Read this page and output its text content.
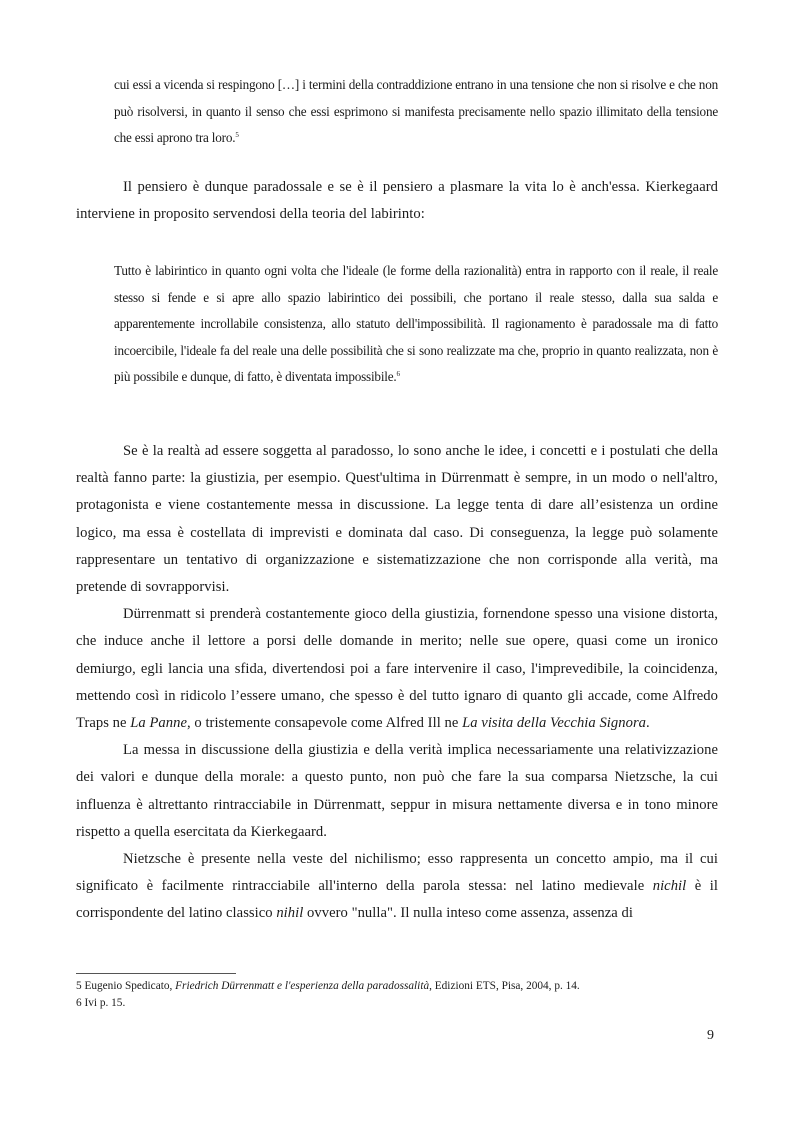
cui essi a vicenda si respingono […] i termini della contraddizione entrano in una tensione che non si risolve e che non può risolversi, in quanto il senso che essi esprimono si manifesta precisamente nello spazio illimitato della tensione che essi aprono tra loro.$^5$

Il pensiero è dunque paradossale e se è il pensiero a plasmare la vita lo è anch'essa. Kierkegaard interviene in proposito servendosi della teoria del labirinto:

Tutto è labirintico in quanto ogni volta che l'ideale (le forme della razionalità) entra in rapporto con il reale, il reale stesso si fende e si apre allo spazio labirintico dei possibili, che portano il reale stesso, dalla sua salda e apparentemente incrollabile consistenza, allo statuto dell'impossibilità. Il ragionamento è paradossale ma di fatto incoercibile, l'ideale fa del reale una delle possibilità che si sono realizzate ma che, proprio in quanto realizzata, non è più possibile e dunque, di fatto, è diventata impossibile.$^6$

Se è la realtà ad essere soggetta al paradosso, lo sono anche le idee, i concetti e i postulati che della realtà fanno parte: la giustizia, per esempio. Quest'ultima in Dürrenmatt è sempre, in un modo o nell'altro, protagonista e viene costantemente messa in discussione. La legge tenta di dare all’esistenza un ordine logico, ma essa è costellata di imprevisti e dominata dal caso. Di conseguenza, la legge può solamente rappresentare un tentativo di organizzazione e sistematizzazione che non corrisponde alla verità, ma pretende di sovrapporvisi.

Dürrenmatt si prenderà costantemente gioco della giustizia, fornendone spesso una visione distorta, che induce anche il lettore a porsi delle domande in merito; nelle sue opere, quasi come un ironico demiurgo, egli lancia una sfida, divertendosi poi a fare intervenire il caso, l'imprevedibile, la coincidenza, mettendo così in ridicolo l’essere umano, che spesso è del tutto ignaro di quanto gli accade, come Alfredo Traps ne La Panne, o tristemente consapevole come Alfred Ill ne La visita della Vecchia Signora.

La messa in discussione della giustizia e della verità implica necessariamente una relativizzazione dei valori e dunque della morale: a questo punto, non può che fare la sua comparsa Nietzsche, la cui influenza è altrettanto rintracciabile in Dürrenmatt, seppur in misura nettamente diversa e in tono minore rispetto a quella esercitata da Kierkegaard.

Nietzsche è presente nella veste del nichilismo; esso rappresenta un concetto ampio, ma il cui significato è facilmente rintracciabile all'interno della parola stessa: nel latino medievale nichil è il corrispondente del latino classico nihil ovvero "nulla". Il nulla inteso come assenza, assenza di

5 Eugenio Spedicato, Friedrich Dürrenmatt e l'esperienza della paradossalità, Edizioni ETS, Pisa, 2004, p. 14.
6 Ivi p. 15.
9
